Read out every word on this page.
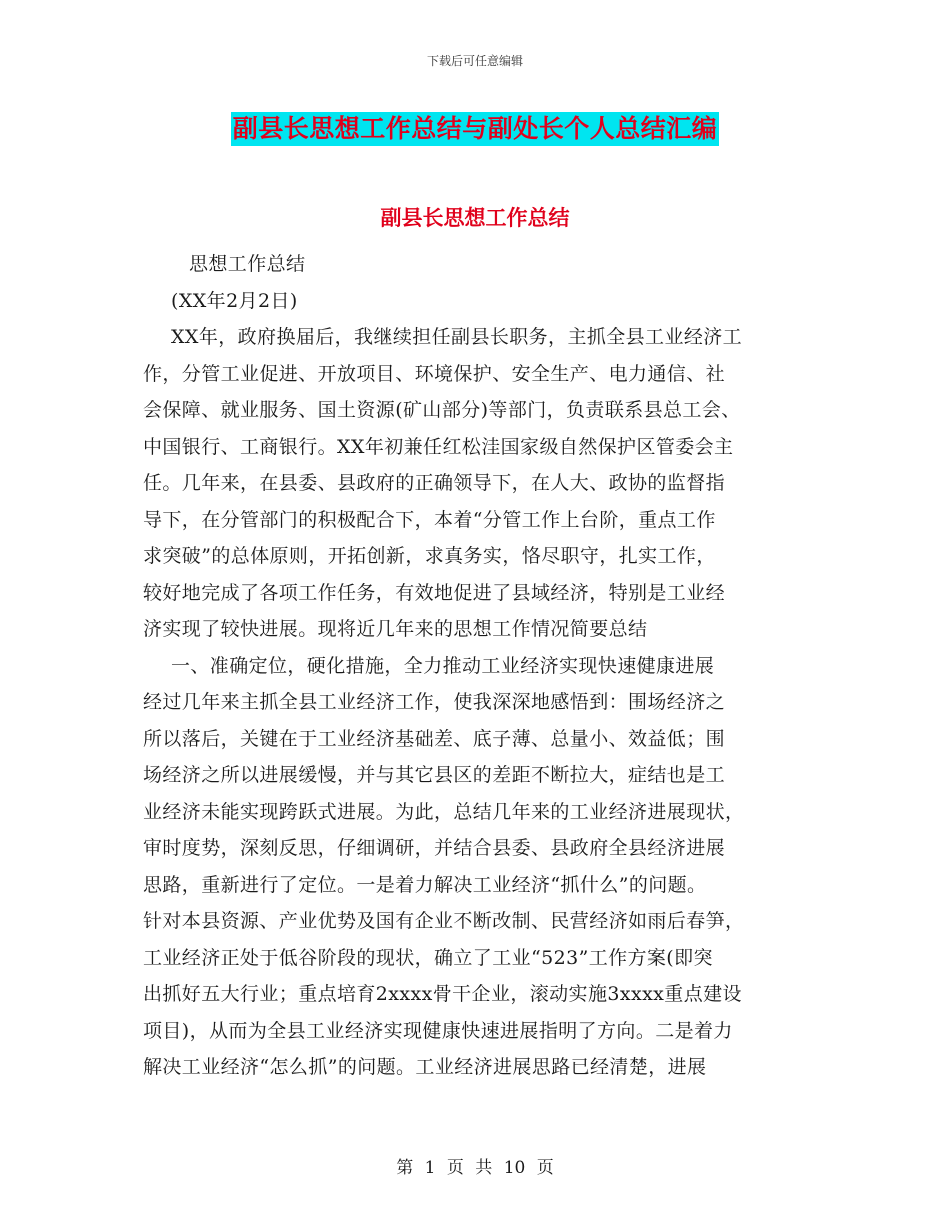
下载后可任意编辑
副县长思想工作总结与副处长个人总结汇编
副县长思想工作总结
思想工作总结
(XX年2月2日)
XX年，政府换届后，我继续担任副县长职务，主抓全县工业经济工
作，分管工业促进、开放项目、环境保护、安全生产、电力通信、社
会保障、就业服务、国土资源(矿山部分)等部门，负责联系县总工会、
中国银行、工商银行。XX年初兼任红松洼国家级自然保护区管委会主
任。几年来，在县委、县政府的正确领导下，在人大、政协的监督指
导下，在分管部门的积极配合下，本着“分管工作上台阶，重点工作
求突破”的总体原则，开拓创新，求真务实，恪尽职守，扎实工作，
较好地完成了各项工作任务，有效地促进了县域经济，特别是工业经
济实现了较快进展。现将近几年来的思想工作情况简要总结
一、准确定位，硬化措施，全力推动工业经济实现快速健康进展
经过几年来主抓全县工业经济工作，使我深深地感悟到：围场经济之
所以落后，关键在于工业经济基础差、底子薄、总量小、效益低；围
场经济之所以进展缓慢，并与其它县区的差距不断拉大，症结也是工
业经济未能实现跨跃式进展。为此，总结几年来的工业经济进展现状，
审时度势，深刻反思，仔细调研，并结合县委、县政府全县经济进展
思路，重新进行了定位。一是着力解决工业经济“抓什么”的问题。
针对本县资源、产业优势及国有企业不断改制、民营经济如雨后春笋，
工业经济正处于低谷阶段的现状，确立了工业“523”工作方案(即突
出抓好五大行业；重点培育2xxxx骨干企业，滚动实施3xxxx重点建设
项目)，从而为全县工业经济实现健康快速进展指明了方向。二是着力
解决工业经济“怎么抓”的问题。工业经济进展思路已经清楚，进展
第 1 页 共 10 页
